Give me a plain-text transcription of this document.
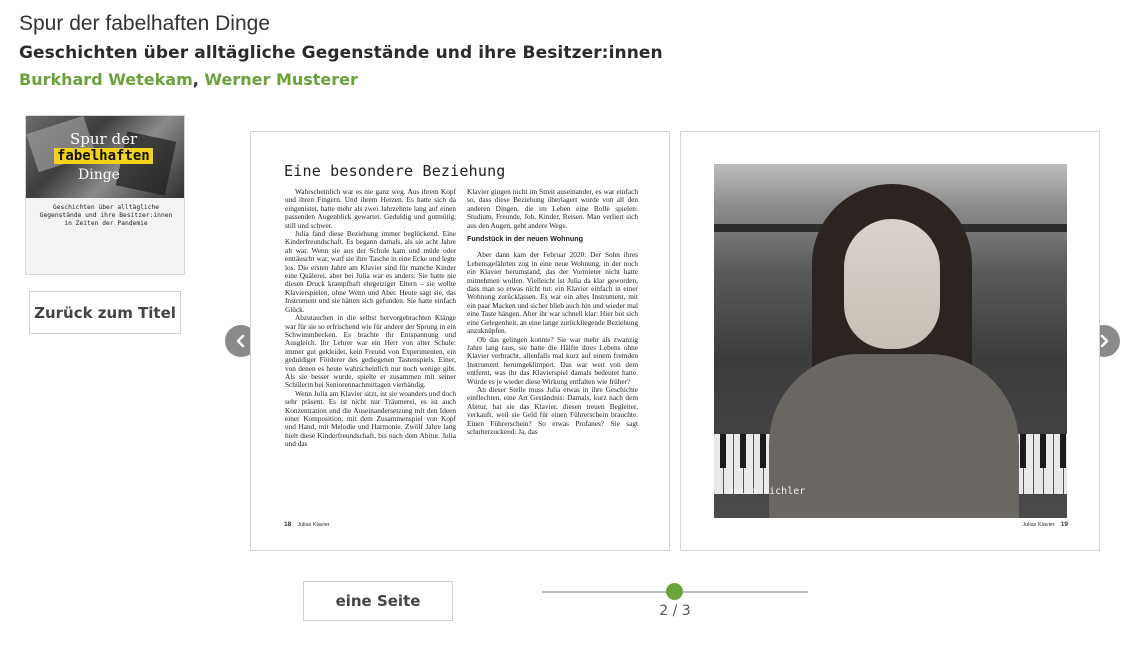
Spur der fabelhaften Dinge
Geschichten über alltägliche Gegenstände und ihre Besitzer:innen
Burkhard Wetekam, Werner Musterer
Spur der
fabelhaften
Dinge
Geschichten über alltägliche Gegenstände und ihre Besitzer:innen in Zeiten der Pandemie
Zurück zum Titel
Eine besondere Beziehung

Wahrscheinlich war es nie ganz weg. Aus ihrem Kopf und ihren Fingern. Und ihrem Herzen. Es hatte sich da eingenistet, hatte mehr als zwei Jahrzehnte lang auf einen passenden Augenblick gewartet. Geduldig und gutmütig, still und schwer.

Julia fand diese Beziehung immer beglückend. Eine Kinderfreundschaft. Es begann damals, als sie acht Jahre alt war. Wenn sie aus der Schule kam und müde oder enttäuscht war, warf sie ihre Tasche in eine Ecke und legte los. Die ersten Jahre am Klavier sind für manche Kinder eine Quälerei, aber bei Julia war es anders: Sie hatte nie diesen Druck krampfhaft ehrgeiziger Eltern – sie wollte Klavierspielen, ohne Wenn und Aber. Heute sagt sie, das Instrument und sie hätten sich gefunden. Sie hatte einfach Glück.

Abzutauchen in die selbst hervorgebrachten Klänge war für sie so erfrischend wie für andere der Sprung in ein Schwimmbecken. Es brachte ihr Entspannung und Ausgleich. Ihr Lehrer war ein Herr von alter Schule: immer gut gekleidet, kein Freund von Experimenten, ein geduldiger Förderer des gediegenen Tastenspiels. Einer, von denen es heute wahrscheinlich nur noch wenige gibt. Als sie besser wurde, spielte er zusammen mit seiner Schülerin bei Seniorennachmittagen vierhändig.

Wenn Julia am Klavier sitzt, ist sie woanders und doch sehr präsent. Es ist nicht nur Träumerei, es ist auch Konzentration und die Auseinandersetzung mit den Ideen einer Komposition, mit dem Zusammenspiel von Kopf und Hand, mit Melodie und Harmonie. Zwölf Jahre lang hielt diese Kinderfreundschaft, bis nach dem Abitur. Julia und das

Klavier gingen nicht im Streit auseinander, es war einfach so, dass diese Beziehung überlagert wurde von all den anderen Dingen, die im Leben eine Rolle spielen: Studium, Freunde, Job, Kinder, Reisen. Man verliert sich aus den Augen, geht andere Wege.

Fundstück in der neuen Wohnung

Aber dann kam der Februar 2020: Der Sohn ihres Lebensgefährten zog in eine neue Wohnung, in der noch ein Klavier herumstand, das der Vormieter nicht hatte mitnehmen wollen. Vielleicht ist Julia da klar geworden, dass man so etwas nicht tut: ein Klavier einfach in einer Wohnung zurücklassen. Es war ein altes Instrument, mit ein paar Macken und sicher blieb auch hin und wieder mal eine Taste hängen. Aber ihr war schnell klar: Hier bot sich eine Gelegenheit, an eine lange zurückliegende Beziehung anzuknüpfen.

Ob das gelingen konnte? Sie war mehr als zwanzig Jahre lang raus, sie hatte die Hälfte ihres Lebens ohne Klavier verbracht, allenfalls mal kurz auf einem fremden Instrument herumgeklimpert. Das war weit von dem entfernt, was ihr das Klavierspiel damals bedeutet hatte. Würde es je wieder diese Wirkung entfalten wie früher?

An dieser Stelle muss Julia etwas in ihre Geschichte einflechten, eine Art Geständnis: Damals, kurz nach dem Abitur, hat sie das Klavier, diesen treuen Begleiter, verkauft, weil sie Geld für einen Führerschein brauchte. Einen Führerschein? So etwas Profanes? Sie sagt schulterzuckend: Ja, das

18 Julias Klavier
Julia Eichler
Julias Klavier 19
eine Seite
2 / 3
